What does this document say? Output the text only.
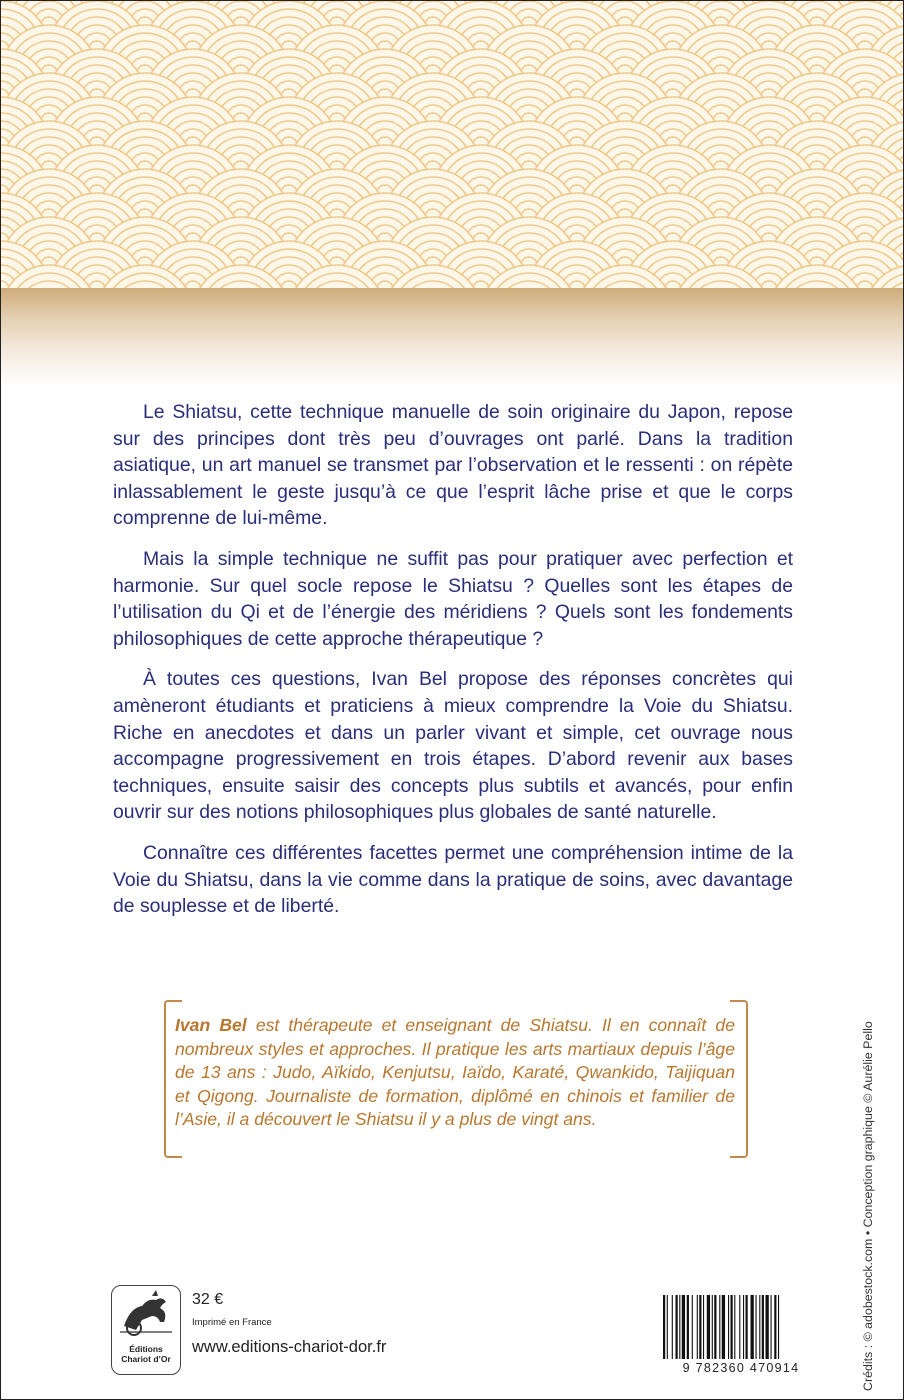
Le Shiatsu, cette technique manuelle de soin originaire du Japon, repose sur des principes dont très peu d’ouvrages ont parlé. Dans la tradition asiatique, un art manuel se transmet par l’observation et le ressenti : on répète inlassablement le geste jusqu’à ce que l’esprit lâche prise et que le corps comprenne de lui-même.

Mais la simple technique ne suffit pas pour pratiquer avec perfection et harmonie. Sur quel socle repose le Shiatsu ? Quelles sont les étapes de l’utilisation du Qi et de l’énergie des méridiens ? Quels sont les fondements philosophiques de cette approche thérapeutique ?

À toutes ces questions, Ivan Bel propose des réponses concrètes qui amèneront étudiants et praticiens à mieux comprendre la Voie du Shiatsu. Riche en anecdotes et dans un parler vivant et simple, cet ouvrage nous accompagne progressivement en trois étapes. D’abord revenir aux bases techniques, ensuite saisir des concepts plus subtils et avancés, pour enfin ouvrir sur des notions philosophiques plus globales de santé naturelle.

Connaître ces différentes facettes permet une compréhension intime de la Voie du Shiatsu, dans la vie comme dans la pratique de soins, avec davantage de souplesse et de liberté.

Ivan Bel est thérapeute et enseignant de Shiatsu. Il en connaît de nombreux styles et approches. Il pratique les arts martiaux depuis l’âge de 13 ans : Judo, Aïkido, Kenjutsu, Iaïdo, Karaté, Qwankido, Taijiquan et Qigong. Journaliste de formation, diplômé en chinois et familier de l’Asie, il a découvert le Shiatsu il y a plus de vingt ans.	Crédits : © adobestock.com • Conception graphique © Aurélie Pello
Éditions
Chariot d’Or
32 €
Imprimé en France
www.editions-chariot-dor.fr
9 782360 470914
